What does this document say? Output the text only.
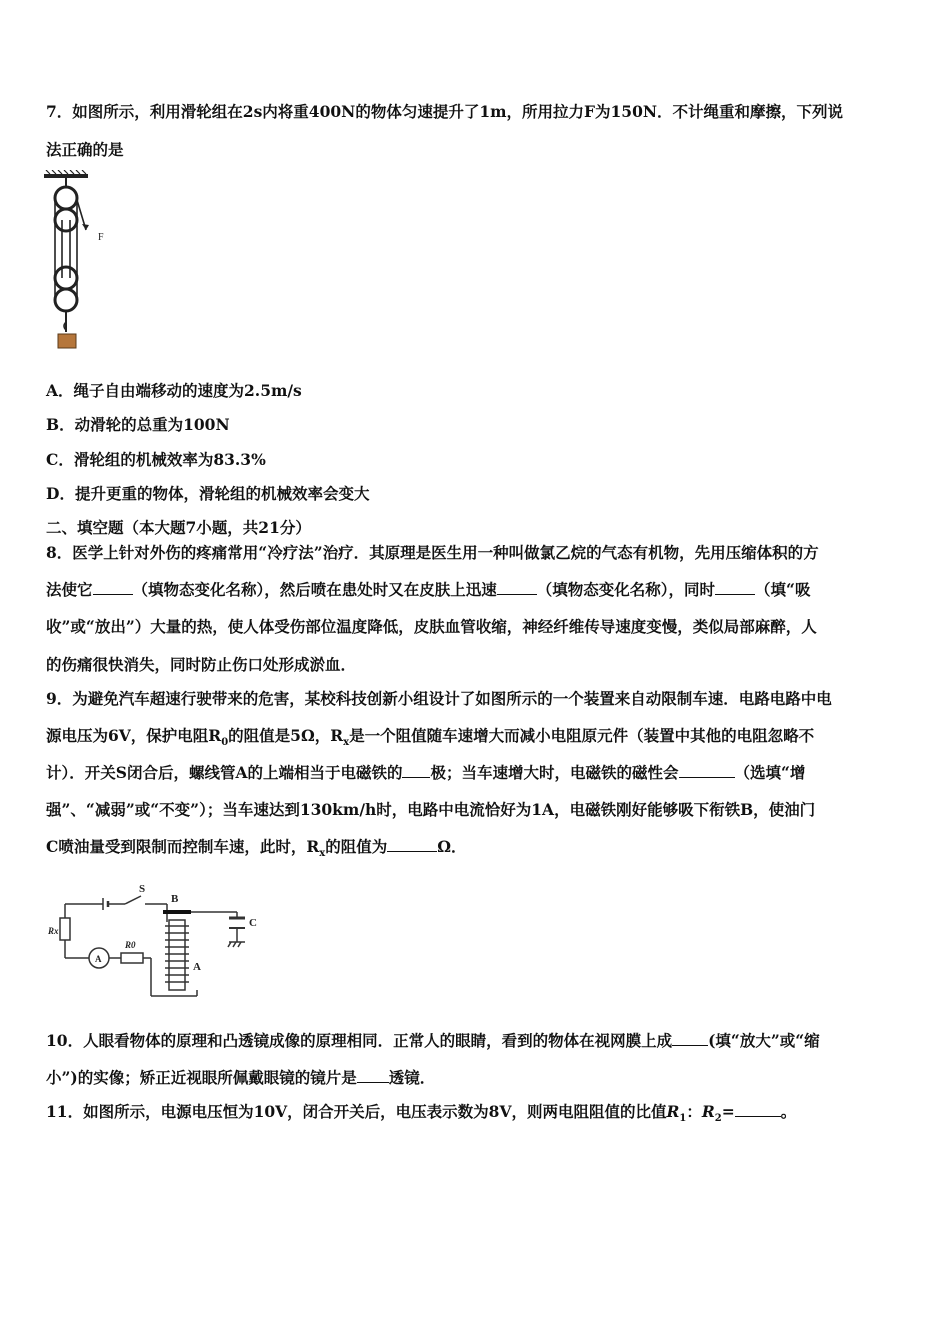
7．如图所示，利用滑轮组在2s内将重400N的物体匀速提升了1m，所用拉力F为150N．不计绳重和摩擦，下列说
法正确的是
F
A．绳子自由端移动的速度为2.5m/s
B．动滑轮的总重为100N
C．滑轮组的机械效率为83.3%
D．提升更重的物体，滑轮组的机械效率会变大
二、填空题（本大题7小题，共21分）
8．医学上针对外伤的疼痛常用“冷疗法”治疗．其原理是医生用一种叫做氯乙烷的气态有机物，先用压缩体积的方
法使它	（填物态变化名称），然后喷在患处时又在皮肤上迅速	（填物态变化名称），同时	（填“吸
收”或“放出”）大量的热，使人体受伤部位温度降低，皮肤血管收缩，神经纤维传导速度变慢，类似局部麻醉，人
的伤痛很快消失，同时防止伤口处形成淤血．
9．为避免汽车超速行驶带来的危害，某校科技创新小组设计了如图所示的一个装置来自动限制车速．电路电路中电
源电压为6V，保护电阻$R_0$的阻值是5Ω，$R_x$是一个阻值随车速增大而减小电阻原元件（装置中其他的电阻忽略不
计）．开关S闭合后，螺线管A的上端相当于电磁铁的 极；当车速增大时，电磁铁的磁性会	（选填“增
强”、“减弱”或“不变”）；当车速达到130km/h时，电路中电流恰好为1A，电磁铁刚好能够吸下衔铁B，使油门
C喷油量受到限制而控制车速，此时，$R_x$的阻值为	Ω．
S
B
C
A
Rx
R0
A
10．人眼看物体的原理和凸透镜成像的原理相同．正常人的眼睛，看到的物体在视网膜上成 (填“放大”或“缩
小”)的实像；矫正近视眼所佩戴眼镜的镜片是 透镜．
11．如图所示，电源电压恒为10V，闭合开关后，电压表示数为8V，则两电阻阻值的比值$R_1$：$R_2=$	。
